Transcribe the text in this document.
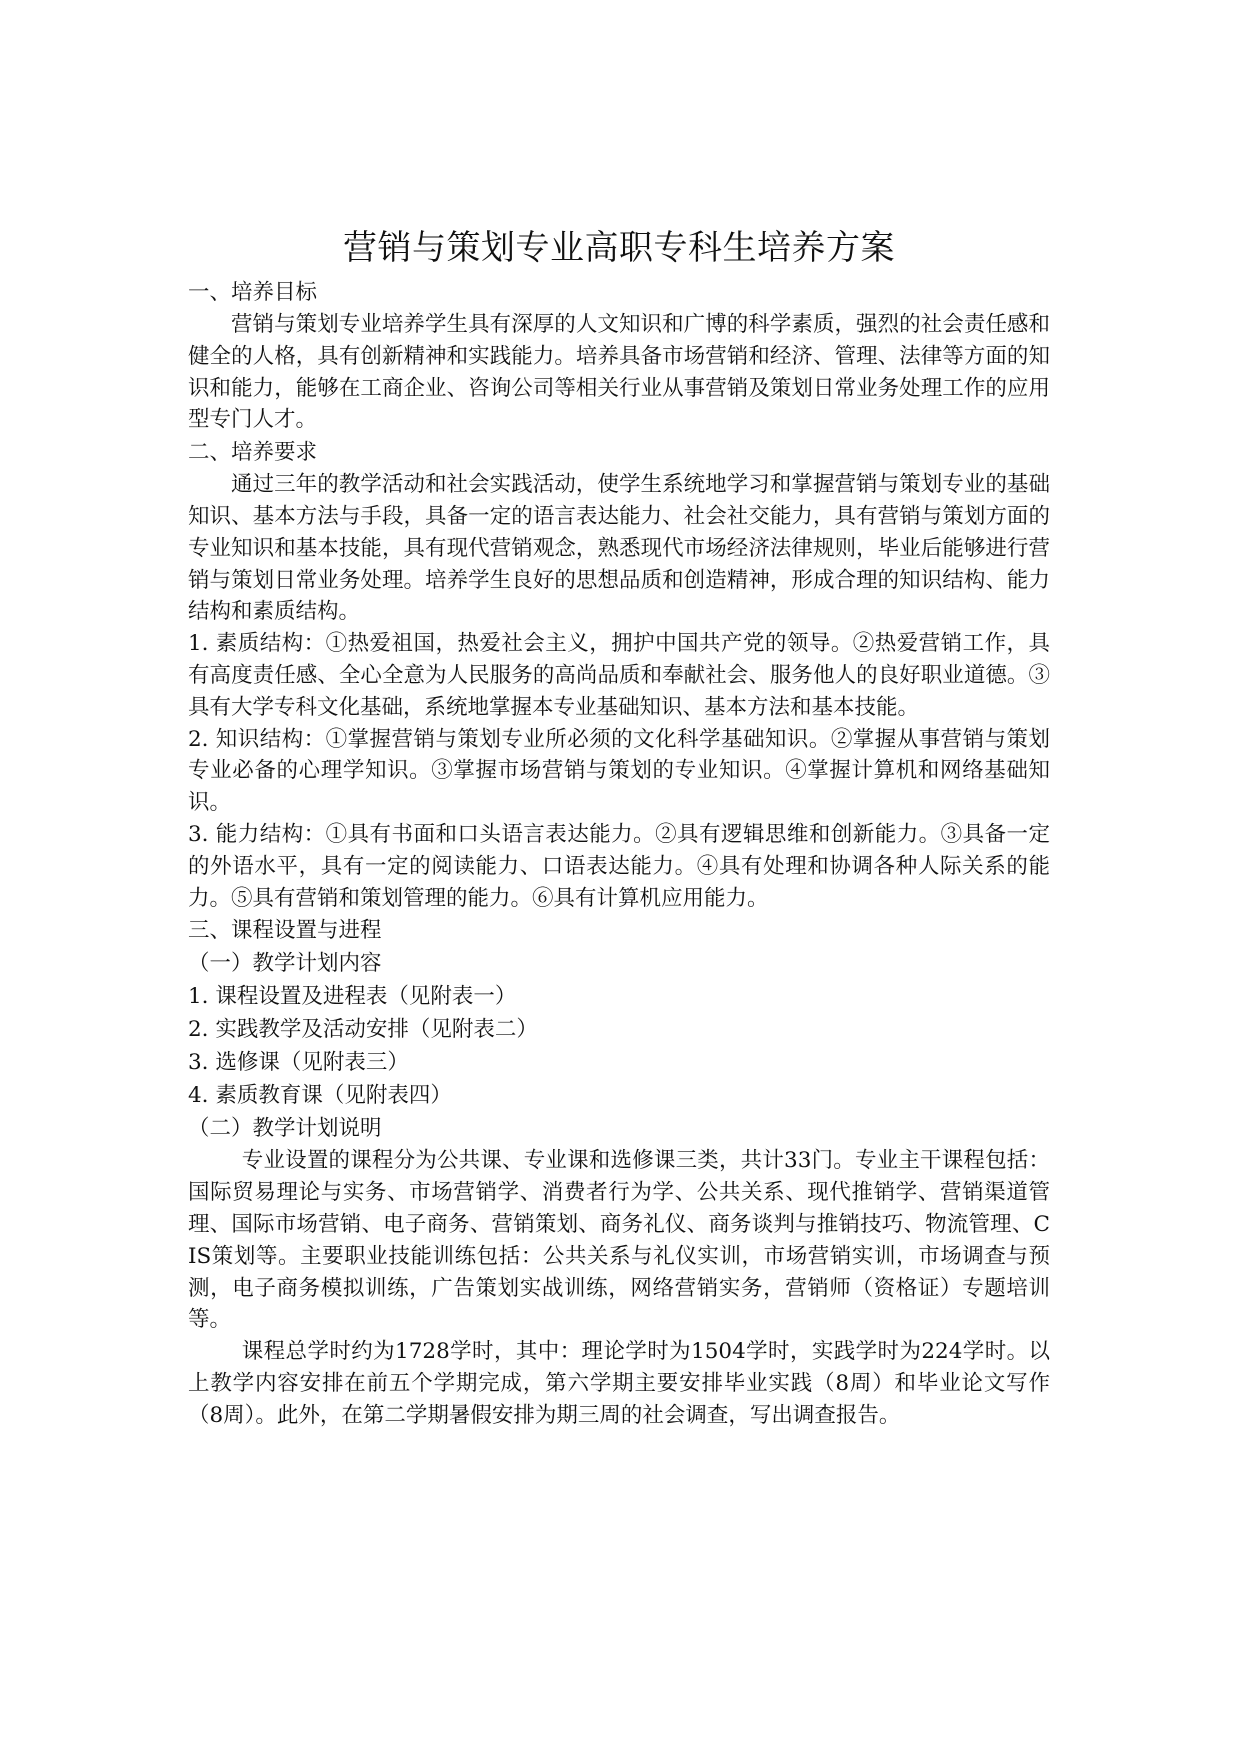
营销与策划专业高职专科生培养方案

一、培养目标

营销与策划专业培养学生具有深厚的人文知识和广博的科学素质，强烈的社会责任感和健全的人格，具有创新精神和实践能力。培养具备市场营销和经济、管理、法律等方面的知识和能力，能够在工商企业、咨询公司等相关行业从事营销及策划日常业务处理工作的应用型专门人才。

二、培养要求

通过三年的教学活动和社会实践活动，使学生系统地学习和掌握营销与策划专业的基础知识、基本方法与手段，具备一定的语言表达能力、社会社交能力，具有营销与策划方面的专业知识和基本技能，具有现代营销观念，熟悉现代市场经济法律规则，毕业后能够进行营销与策划日常业务处理。培养学生良好的思想品质和创造精神，形成合理的知识结构、能力结构和素质结构。

1. 素质结构：①热爱祖国，热爱社会主义，拥护中国共产党的领导。②热爱营销工作，具有高度责任感、全心全意为人民服务的高尚品质和奉献社会、服务他人的良好职业道德。③具有大学专科文化基础，系统地掌握本专业基础知识、基本方法和基本技能。

2. 知识结构：①掌握营销与策划专业所必须的文化科学基础知识。②掌握从事营销与策划专业必备的心理学知识。③掌握市场营销与策划的专业知识。④掌握计算机和网络基础知识。

3. 能力结构：①具有书面和口头语言表达能力。②具有逻辑思维和创新能力。③具备一定的外语水平，具有一定的阅读能力、口语表达能力。④具有处理和协调各种人际关系的能力。⑤具有营销和策划管理的能力。⑥具有计算机应用能力。

三、课程设置与进程

（一）教学计划内容

1. 课程设置及进程表（见附表一）

2. 实践教学及活动安排（见附表二）

3. 选修课（见附表三）

4. 素质教育课（见附表四）

（二）教学计划说明

专业设置的课程分为公共课、专业课和选修课三类，共计33门。专业主干课程包括：国际贸易理论与实务、市场营销学、消费者行为学、公共关系、现代推销学、营销渠道管理、国际市场营销、电子商务、营销策划、商务礼仪、商务谈判与推销技巧、物流管理、CIS策划等。主要职业技能训练包括：公共关系与礼仪实训，市场营销实训，市场调查与预测，电子商务模拟训练，广告策划实战训练，网络营销实务，营销师（资格证）专题培训等。

课程总学时约为1728学时，其中：理论学时为1504学时，实践学时为224学时。以上教学内容安排在前五个学期完成，第六学期主要安排毕业实践（8周）和毕业论文写作（8周）。此外，在第二学期暑假安排为期三周的社会调查，写出调查报告。
